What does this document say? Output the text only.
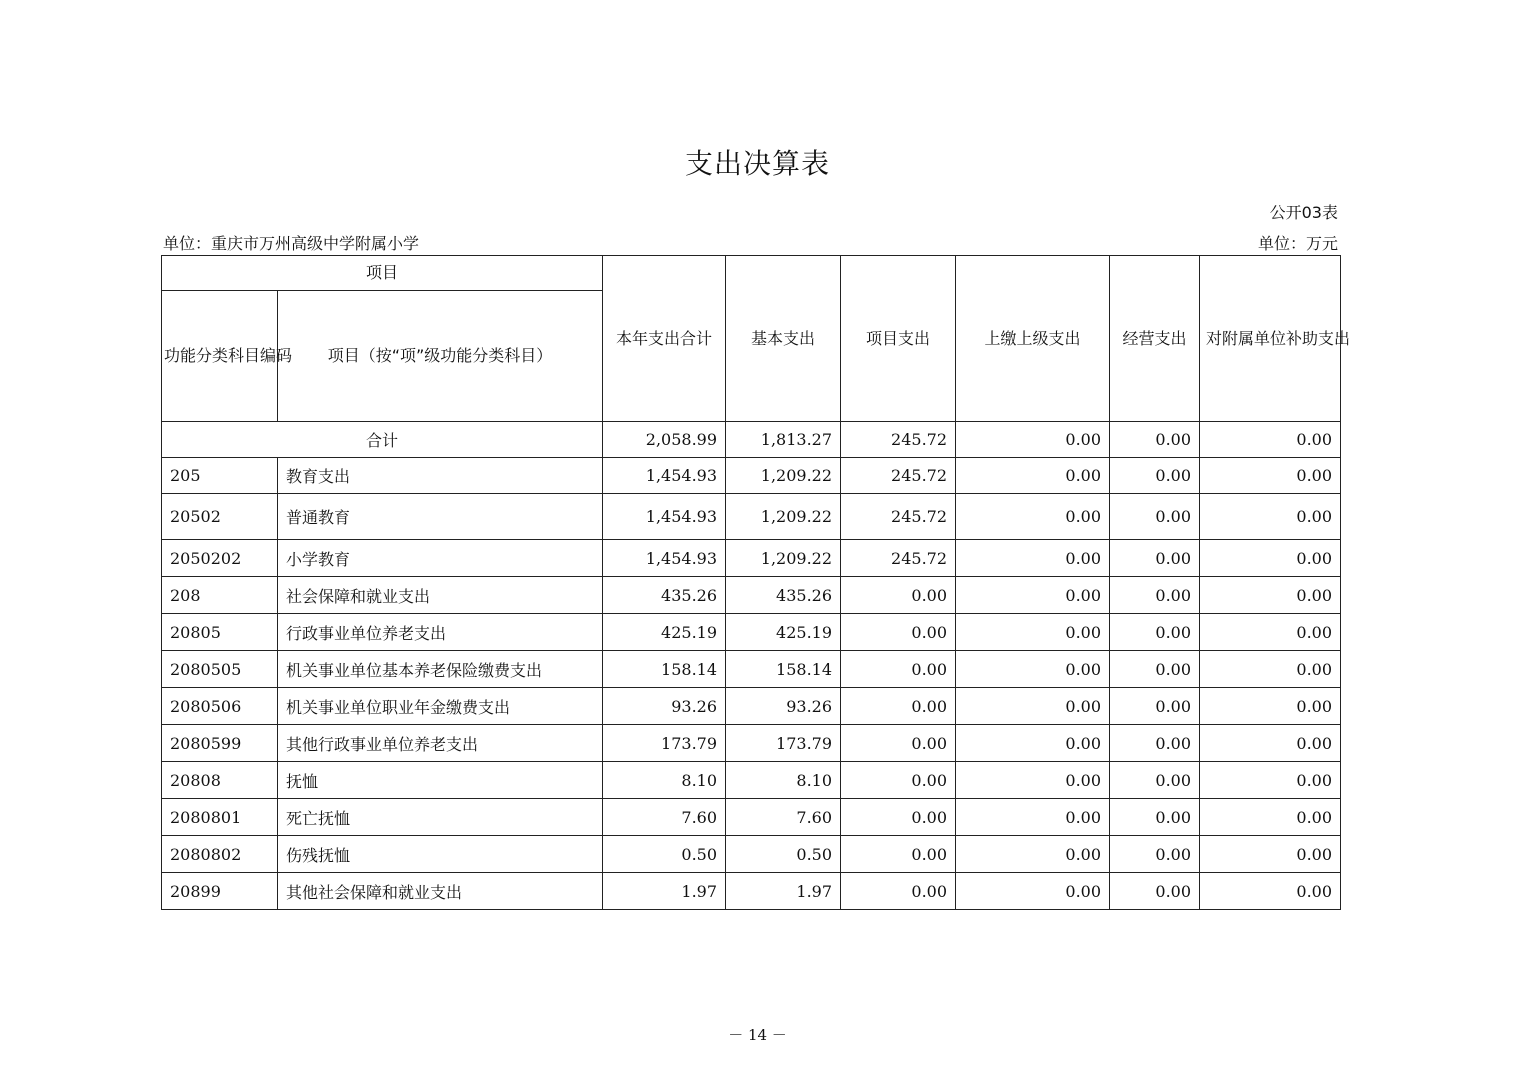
支出决算表
公开03表
单位：重庆市万州高级中学附属小学	单位：万元
项目		本年支出合计	基本支出	项目支出	上缴上级支出	经营支出	对附属单位补助支出
功能分类科目编码	项目（按“项”级功能分类科目）						
合计		2,058.99	1,813.27	245.72	0.00	0.00	0.00
205	教育支出	1,454.93	1,209.22	245.72	0.00	0.00	0.00
20502	普通教育	1,454.93	1,209.22	245.72	0.00	0.00	0.00
2050202	小学教育	1,454.93	1,209.22	245.72	0.00	0.00	0.00
208	社会保障和就业支出	435.26	435.26	0.00	0.00	0.00	0.00
20805	行政事业单位养老支出	425.19	425.19	0.00	0.00	0.00	0.00
2080505	机关事业单位基本养老保险缴费支出	158.14	158.14	0.00	0.00	0.00	0.00
2080506	机关事业单位职业年金缴费支出	93.26	93.26	0.00	0.00	0.00	0.00
2080599	其他行政事业单位养老支出	173.79	173.79	0.00	0.00	0.00	0.00
20808	抚恤	8.10	8.10	0.00	0.00	0.00	0.00
2080801	死亡抚恤	7.60	7.60	0.00	0.00	0.00	0.00
2080802	伤残抚恤	0.50	0.50	0.00	0.00	0.00	0.00
20899	其他社会保障和就业支出	1.97	1.97	0.00	0.00	0.00	0.00
－ 14 －
